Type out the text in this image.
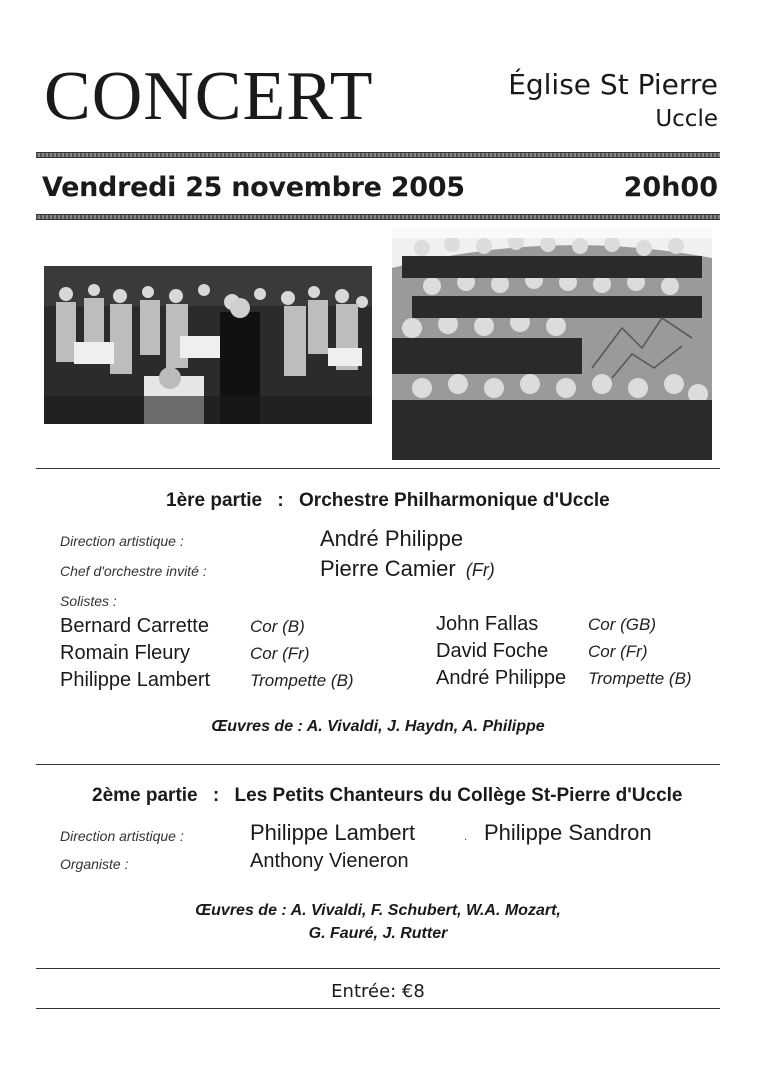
CONCERT	Église St Pierre
Uccle
Vendredi 25 novembre 2005	20h00
1ère partie : Orchestre Philharmonique d'Uccle
Direction artistique :	André Philippe
Chef d'orchestre invité :	Pierre Camier (Fr)
Solistes :
Bernard Carrette Cor (B)
Romain Fleury	Cor (Fr)
Philippe Lambert Trompette (B)
John Fallas	Cor (GB)
David Foche Cor (Fr)
André Philippe Trompette (B)
Œuvres de : A. Vivaldi, J. Haydn, A. Philippe
2ème partie : Les Petits Chanteurs du Collège St-Pierre d'Uccle
Direction artistique :	Philippe Lambert	· Philippe Sandron
Organiste :	Anthony Vieneron
Œuvres de : A. Vivaldi, F. Schubert, W.A. Mozart,
G. Fauré, J. Rutter
Entrée: €8
